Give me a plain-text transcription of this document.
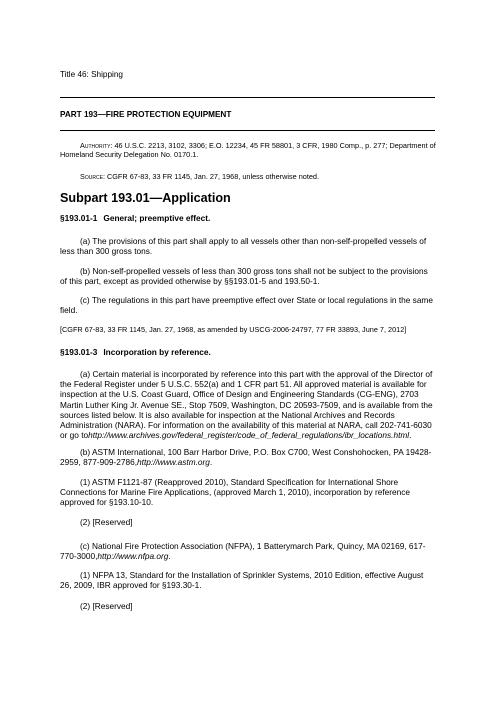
Title 46: Shipping
PART 193—FIRE PROTECTION EQUIPMENT
Authority: 46 U.S.C. 2213, 3102, 3306; E.O. 12234, 45 FR 58801, 3 CFR, 1980 Comp., p. 277; Department of Homeland Security Delegation No. 0170.1.
Source: CGFR 67-83, 33 FR 1145, Jan. 27, 1968, unless otherwise noted.
Subpart 193.01—Application
§193.01-1 General; preemptive effect.
(a) The provisions of this part shall apply to all vessels other than non-self-propelled vessels of less than 300 gross tons.
(b) Non-self-propelled vessels of less than 300 gross tons shall not be subject to the provisions of this part, except as provided otherwise by §§193.01-5 and 193.50-1.
(c) The regulations in this part have preemptive effect over State or local regulations in the same field.
[CGFR 67-83, 33 FR 1145, Jan. 27, 1968, as amended by USCG-2006-24797, 77 FR 33893, June 7, 2012]
§193.01-3 Incorporation by reference.
(a) Certain material is incorporated by reference into this part with the approval of the Director of the Federal Register under 5 U.S.C. 552(a) and 1 CFR part 51. All approved material is available for inspection at the U.S. Coast Guard, Office of Design and Engineering Standards (CG-ENG), 2703 Martin Luther King Jr. Avenue SE., Stop 7509, Washington, DC 20593-7509, and is available from the sources listed below. It is also available for inspection at the National Archives and Records Administration (NARA). For information on the availability of this material at NARA, call 202-741-6030 or go tohttp://www.archives.gov/federal_register/code_of_federal_regulations/ibr_locations.html.
(b) ASTM International, 100 Barr Harbor Drive, P.O. Box C700, West Conshohocken, PA 19428-2959, 877-909-2786,http://www.astm.org.
(1) ASTM F1121-87 (Reapproved 2010), Standard Specification for International Shore Connections for Marine Fire Applications, (approved March 1, 2010), incorporation by reference approved for §193.10-10.
(2) [Reserved]
(c) National Fire Protection Association (NFPA), 1 Batterymarch Park, Quincy, MA 02169, 617-770-3000,http://www.nfpa.org.
(1) NFPA 13, Standard for the Installation of Sprinkler Systems, 2010 Edition, effective August 26, 2009, IBR approved for §193.30-1.
(2) [Reserved]
